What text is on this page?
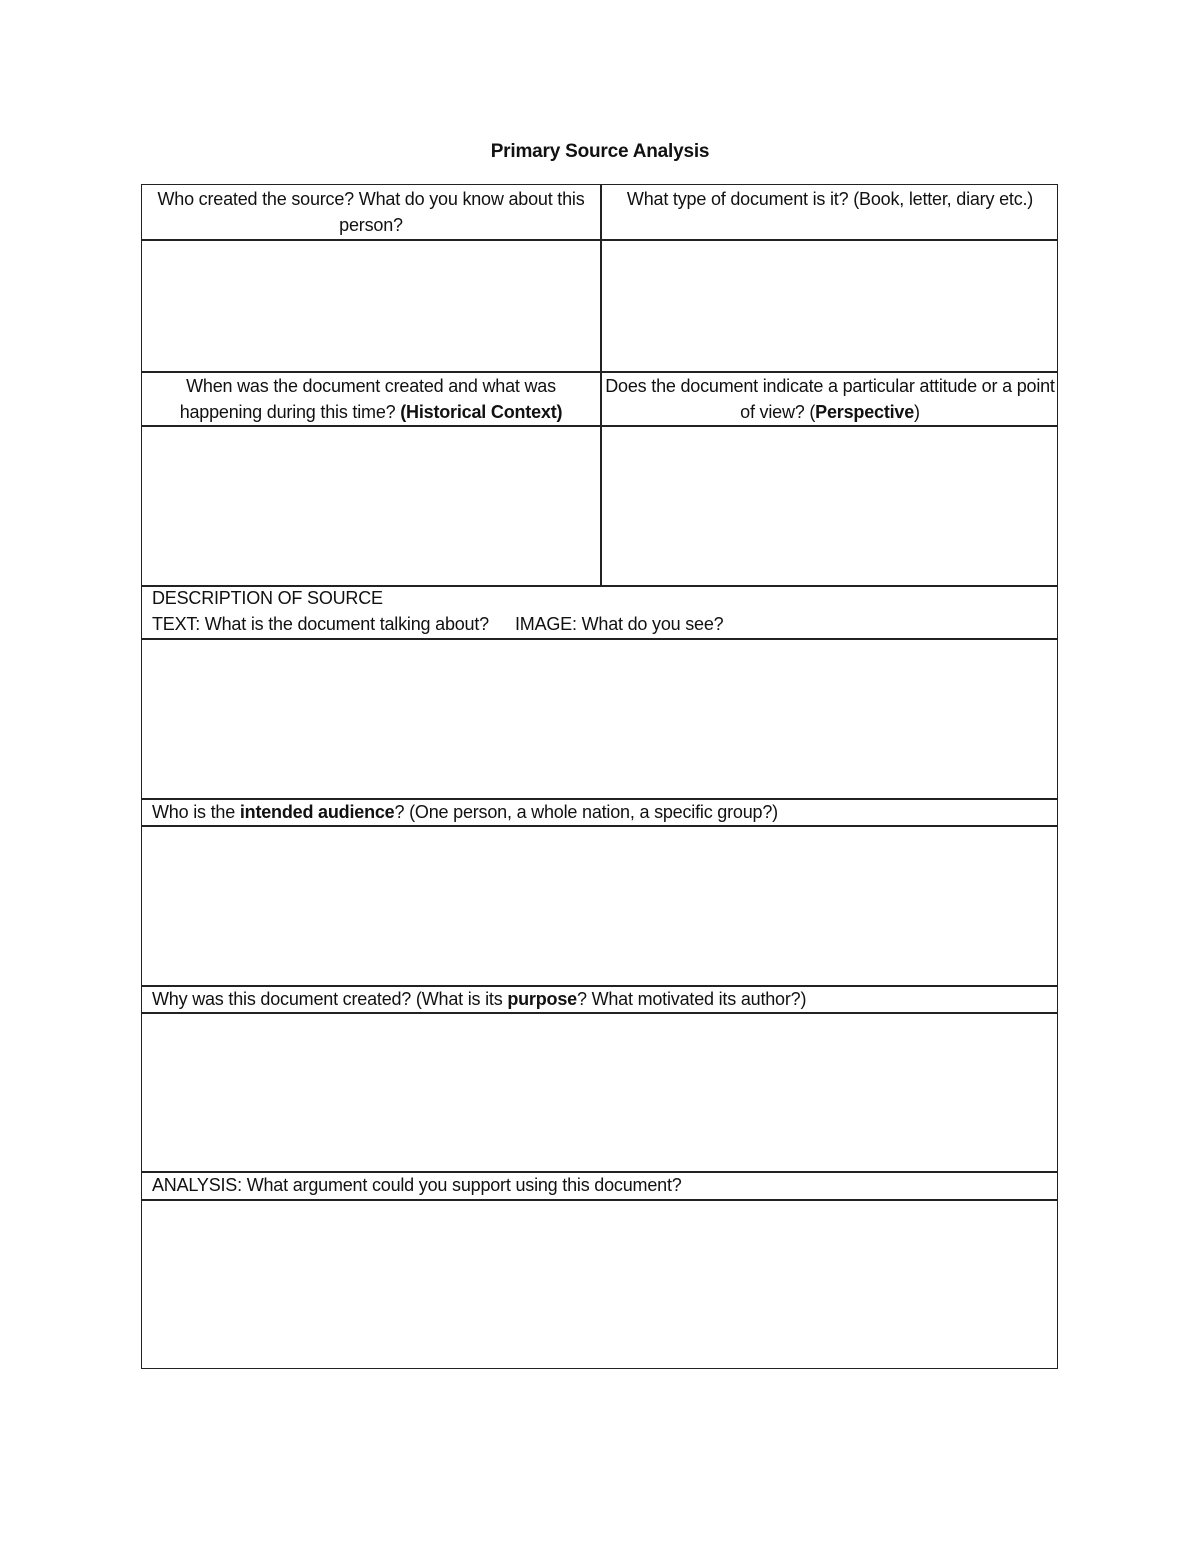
Primary Source Analysis
Who created the source? What do you know about this person?
What type of document is it? (Book, letter, diary etc.)
When was the document created and what was happening during this time? (Historical Context)
Does the document indicate a particular attitude or a point of view? (Perspective)
DESCRIPTION OF SOURCE
TEXT: What is the document talking about? IMAGE: What do you see?
Who is the intended audience? (One person, a whole nation, a specific group?)
Why was this document created? (What is its purpose? What motivated its author?)
ANALYSIS: What argument could you support using this document?
